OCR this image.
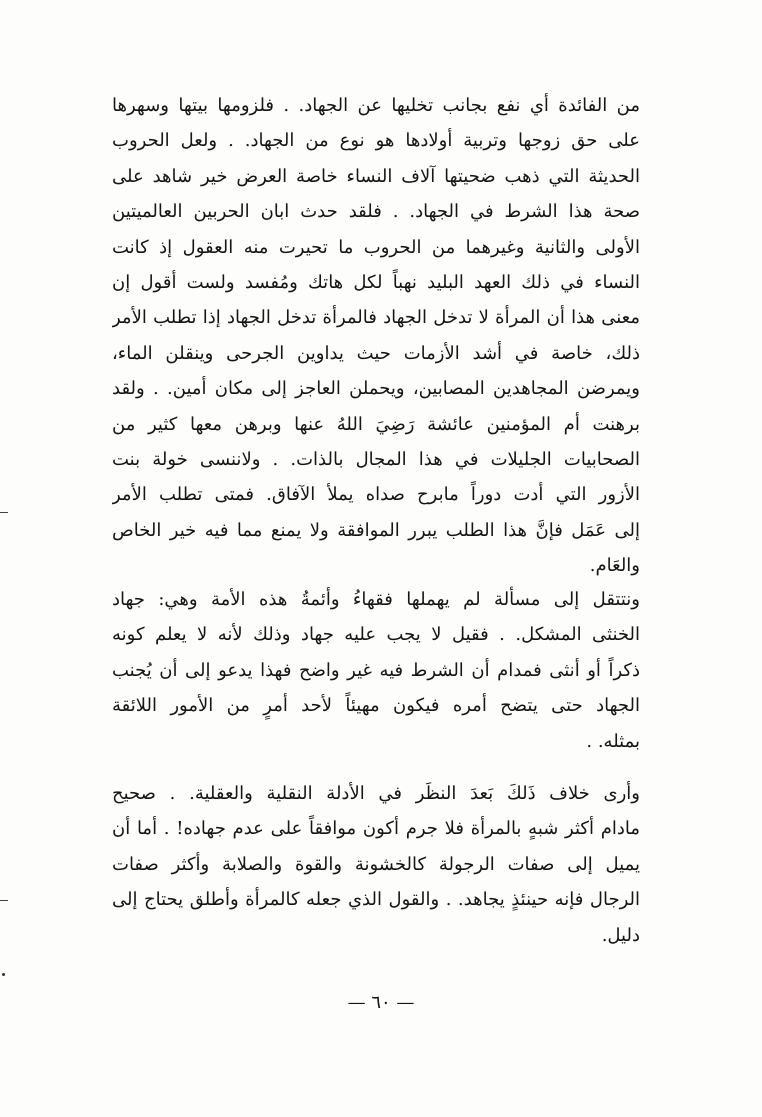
من الفائدة أي نفع بجانب تخليها عن الجهاد. . فلزومها بيتها وسهرها
على حق زوجها وتربية أولادها هو نوع من الجهاد. . ولعل الحروب
الحديثة التي ذهب ضحيتها آلاف النساء خاصة العرض خير شاهد على
صحة هذا الشرط في الجهاد. . فلقد حدث ابان الحربين العالميتين
الأولى والثانية وغيرهما من الحروب ما تحيرت منه العقول إذ كانت
النساء في ذلك العهد البليد نهباً لكل هاتك ومُفسد ولست أقول إن
معنى هذا أن المرأة لا تدخل الجهاد فالمرأة تدخل الجهاد إذا تطلب الأمر
ذلك، خاصة في أشد الأزمات حيث يداوين الجرحى وينقلن الماء،
ويمرضن المجاهدين المصابين، ويحملن العاجز إلى مكان أمين. . ولقد
برهنت أم المؤمنين عائشة رَضِيَ اللهُ عنها وبرهن معها كثير من
الصحابيات الجليلات في هذا المجال بالذات. . ولاننسى خولة بنت
الأزور التي أدت دوراً مابرح صداه يملأ الآفاق. فمتى تطلب الأمر
إلى عَمَل فإنَّ هذا الطلب يبرر الموافقة ولا يمنع مما فيه خير الخاص
والعَام.
ونتتقل إلى مسألة لم يهملها فقهاءُ وأئمةُ هذه الأمة وهي: جهاد
الخنثى المشكل. . فقيل لا يجب عليه جهاد وذلك لأنه لا يعلم كونه
ذكراً أو أنثى فمدام أن الشرط فيه غير واضح فهذا يدعو إلى أن يُجنب
الجهاد حتى يتضح أمره فيكون مهيئاً لأحد أمرٍ من الأمور اللائقة
بمثله. .
وأرى خلاف ذَلكَ بَعدَ النظَر في الأدلة النقلية والعقلية. . صحيح
مادام أكثر شبهٍ بالمرأة فلا جرم أكون موافقاً على عدم جهاده! . أما أن
يميل إلى صفات الرجولة كالخشونة والقوة والصلابة وأكثر صفات
الرجال فإنه حينئذٍ يجاهد. . والقول الذي جعله كالمرأة وأطلق يحتاج إلى
دليل.
— ٦٠ —
